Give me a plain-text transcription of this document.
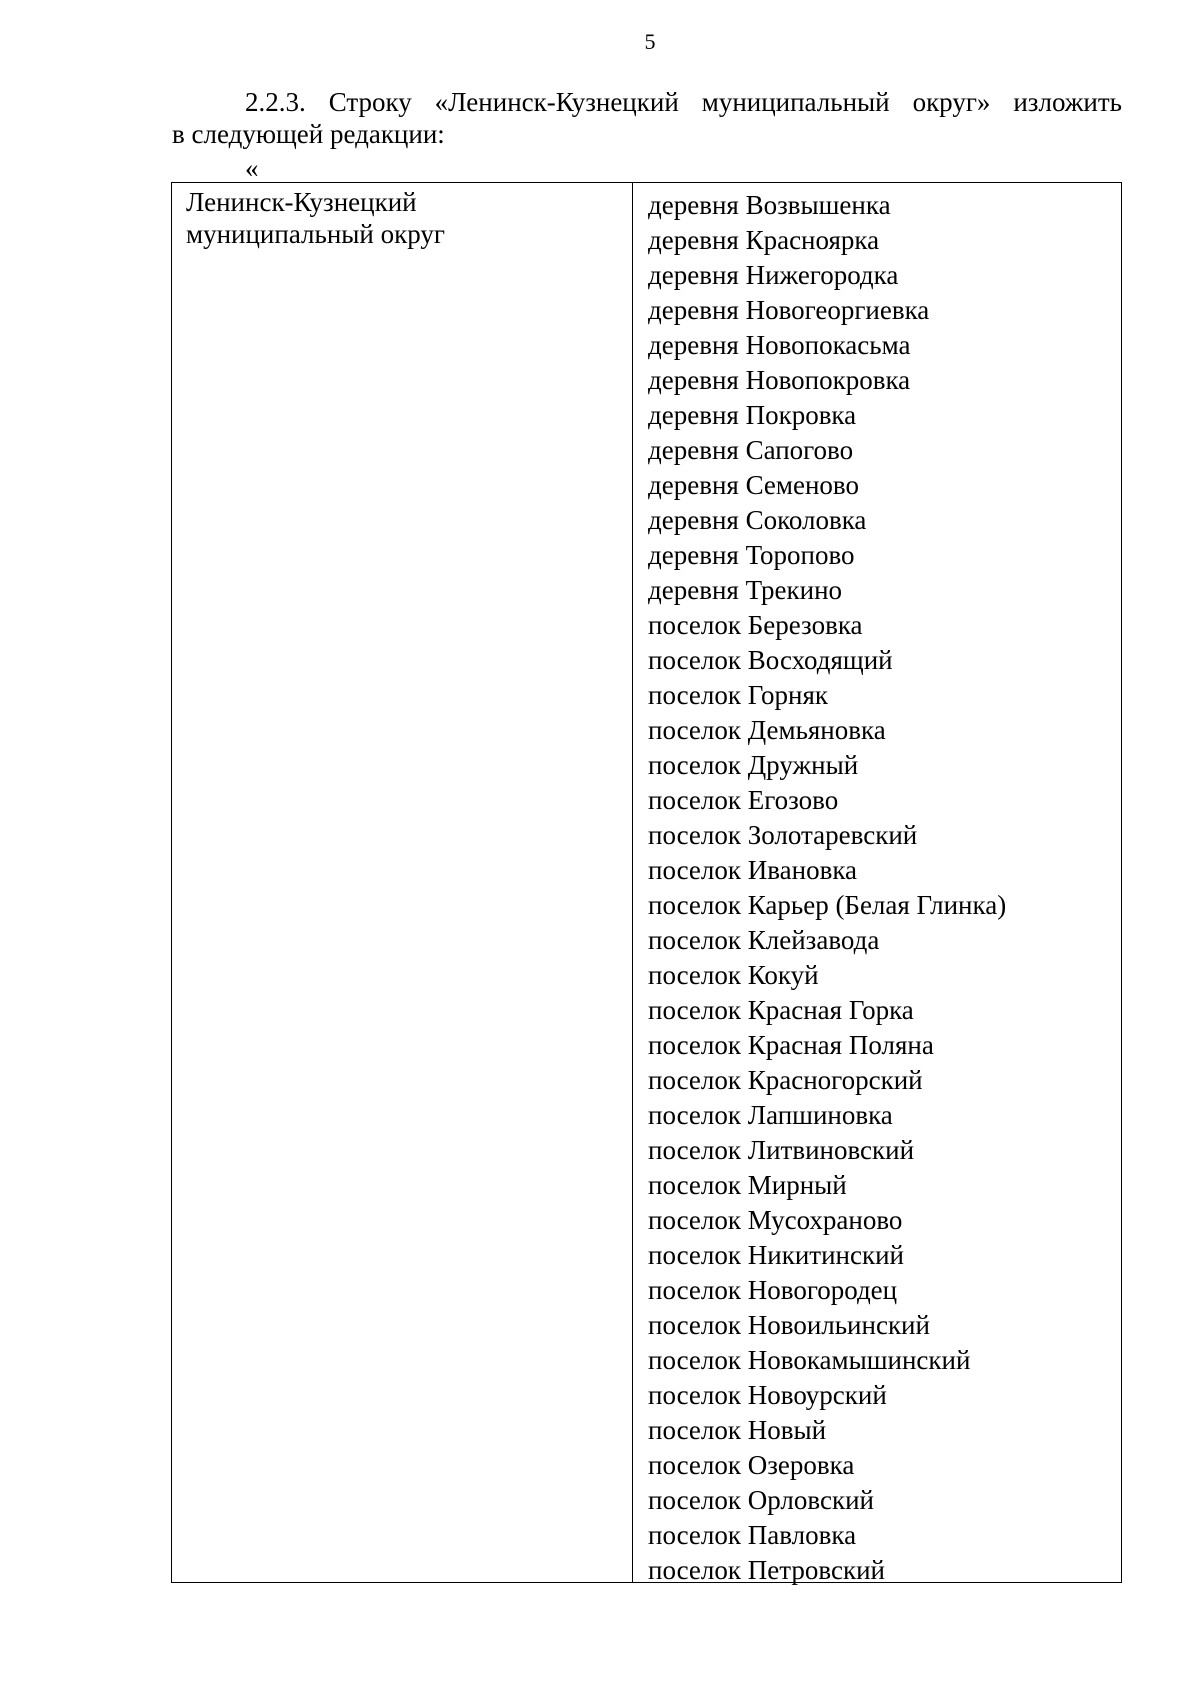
5
2.2.3. Строку «Ленинск-Кузнецкий муниципальный округ» изложить
в следующей редакции:
«
Ленинск-Кузнецкий
муниципальный округ
деревня Возвышенка
деревня Красноярка
деревня Нижегородка
деревня Новогеоргиевка
деревня Новопокасьма
деревня Новопокровка
деревня Покровка
деревня Сапогово
деревня Семеново
деревня Соколовка
деревня Торопово
деревня Трекино
поселок Березовка
поселок Восходящий
поселок Горняк
поселок Демьяновка
поселок Дружный
поселок Егозово
поселок Золотаревский
поселок Ивановка
поселок Карьер (Белая Глинка)
поселок Клейзавода
поселок Кокуй
поселок Красная Горка
поселок Красная Поляна
поселок Красногорский
поселок Лапшиновка
поселок Литвиновский
поселок Мирный
поселок Мусохраново
поселок Никитинский
поселок Новогородец
поселок Новоильинский
поселок Новокамышинский
поселок Новоурский
поселок Новый
поселок Озеровка
поселок Орловский
поселок Павловка
поселок Петровский
